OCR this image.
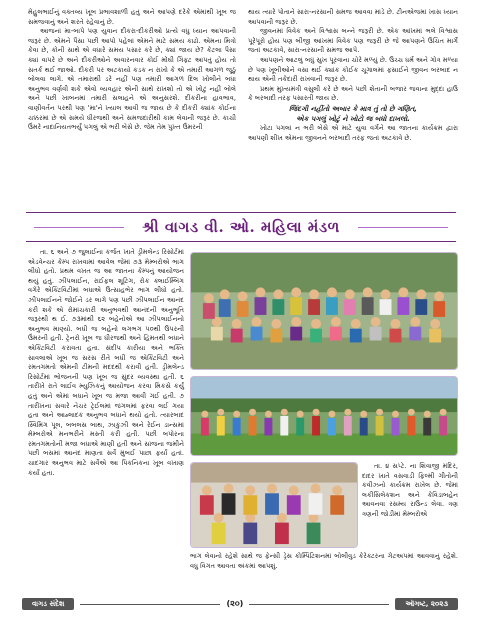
મેહુલભાઈનું વક્તવ્ય ખૂબ પ્રભાવશાળી હતું અને આપણે દરેકે એમાંથી ખૂબ જ સમજવાનું અને શરતે રહેવાનું છે.

આજનાં મા-બાપે પણ યુવાન દીકરા-દીકરીઓ પ્રત્યે વધુ ધ્યાન આપવાની જરૂર છે. એમને પૈસા પછી આપો પહેલાં એમને માટે સમય કાઢો. એમના મિત્રો કેવા છે, કોની સાથે એ વધારે સમય પસાર કરે છે, ક્યાં જાય છે? કેટલા પૈસા ક્યાં વાપરે છે અને દીકરીઓને અવારનવાર કોઈ મોંઘી ગિફ્ટ આપતું હોય તો સતર્ક થઈ જાઓ. દીકરી પર અટકાયો કડક ન રાખો કે એ તમારી આગળ જૂઠું બોલવા લાગે. એ તમારાથી ડરે નહીં પણ તમારી આગળ દિલ ખોલીને બધા અનુભવ વર્ણવી શકે એવો વ્યવહાર એની સાથે રાખશો તો એ ખોટું નહીં બોલે અને પછી ખાબનમાં તમારી સલાહને એ અનુસરશે. દીકરીના હાવભાવ, વાણીવર્તન પરથી પણ 'મા'ને ખ્યાલ આવી જ જાય છે કે દીકરી ક્યાંક કોઈના ચક્કરમાં છે એ સમયે ધીરજથી અને સમજદારીથી કામ લેવાની જરૂર છે. કાચી ઉંમરે નાદાનિયતભર્યું પગલું એ ભરી બેસે છે. જેમ તેમ પુખ્ત ઉંમરની

થાય ત્યારે પોતાને સારા-નરસાની સમજ આવવા માંડે છે. ટીનએજમાં ખાસ ધ્યાન આપવાની જરૂર છે.

જીવનમાં વિવેક અને વિશ્વાસ બન્ને જરૂરી છે. એક આંખમાં ભલે વિશ્વાસ પૂરેપૂરો હોય પણ બીજી આંખમાં વિવેક પણ જરૂરી છે જે આપણને ઉચિત માર્ગે જતાં અટકાવે, સારા-નરસાની સમજ આપે.

આપણને આટલું બધું સુખ પૂરવાના ચોરે મળ્યું છે. ઉચ્ચ ધર્મ અને ગોત્ર મળ્યા છે પણ ખૂબીઓને વસા થઈ ક્યાંક કોઈક ચૂગાલમાં ફસાઈને જીવન બરબાદ ન થાય એની તકેદારી રાખવાની જરૂર છે.

પ્રથમ મુખ્યમંત્રી વસુલી કરે છે અને પછી શેતાની બજાર જવાના મુદ્દા હાઉ કે બરબાદી તરફ પસારતી જાય છે.

જિંદગી નહીંતો અબાર કે માત્ર તું તો છે ગણિત,

એક પગલું ખોટું ને ખોટો જ બધો દાખલો.

ખોટા પગલાં ન ભરી બેસે એ માટે યુવા વર્ગને આ જાતના કાર્યક્રમ દ્વારા આપણી શીખ એમના જીવનને બરબાદી તરફ જતાં અટકાવે છે.

શ્રી વાગડ વી. ઓ. મહિલા મંડળ

તા. ૬ અને ૭ જુલાઈના કર્જત ખાતે ડ્રીમલેન્ડ રિસોર્ટમાં એડવેન્ચર કેમ્પ રાખવામાં આવેલ જેમાં ૭૩ મેમ્બરોએ ભાગ લીધો હતો. પ્રથમ વખત જ આ જાતના કેમ્પનું આયોજન થયું હતું. ઝીપલાઈન, રાઈફલ શૂટિંગ, રોક ક્લાઈમ્બિંગ વગેરે એક્ટિવિટીમાં બધાએ ઉત્સાહભેર ભાગ લીધો હતો. ઝીપલાઈનને જોઈને ડર લાગે પણ પછી ઝીપલાઈન આનંદ કરી શકે એ રોમાંચકારી અનુભવથી આનંદની અનુભૂતિ જરૂરથી થ ઈ. ૭૩માંથી ૬૨ બહેનોએ આ ઝીપલાઈનનો અનુભવ માણ્યો. બધી જ બહેનો લગભગ ૫૦થી ઉપરની ઉંમરની હતી. ટ્રેનરો ખૂબ જ ધીરજથી અને હિંમતથી બધાને એક્ટિવિટી કરાવતા હતા. સંદીપ કારીયા અને ભક્તિ સાવલાએ ખૂબ જ સરસ રીતે બધી જ એક્ટિવિટી અને રમતગમતો એમની ટીમની મદદથી કરાવી હતી. ડ્રીમલેન્ડ રિસોર્ટમાં ભોજનની પણ ખૂબ જ સુંદર વ્યવસ્થા હતી. ૬ તારીખે રાતે લાઈવ મ્યુઝિકનું આયોજન કરવા મિકસે કર્યું હતું અને એમાં બધાને ખૂબ જ મજા આવી ગઈ હતી. ૭ તારીખના સવારે નેચર ટ્રેઈલમાં જંગલમાં ફરવા લઈ ગયા હતા અને આહ્લાદક અનુભવ બધાને થયો હતો. ત્યારબાદ સ્વિમિંગ પૂલ, બબલસ બાથ, ઝાકુઝી અને રેઈન ડાન્સમાં મેમ્બરોએ મનભરીને મસ્તી કરી હતી. પછી બપોરના રમતગમતોની મજા બધાએ માણી હતી અને સાંજના જમીને પછી બસમાં આનંદ માણતા સર્વે મુંબઈ પાછા ફર્યાં હતાં. ચાદગાર અનુભવ માટે સર્વેએ આ પિકનિકના ખૂબ વખાણ કર્યાં હતા.

તા. ૪ સપ્ટે. ના શિવાજી મંદિર, દાદર ખાતે વસવાડી ફિલ્મી ગીતોની કવીઝનો કાર્યક્રમ રાખેલ છે. જેમાં લકીસિલેકશન અને કેવિડાબહેન આવનવા રસમ્ય રાઉન્ડ લેવા. ત્રણ ત્રણની જોડીમાં મેમ્બરોએ

ભાગ લેવાનો રહેશે સાથે જ ફેન્સી ડ્રેસ કોમ્પિટિશનમાં બોલીવુડ કેરેક્ટરના ગેટઅપમાં આવવાનું રહેશે. વધુ વિગત આવતા અંકમાં આપશું.

વાગડ સંદેશ	(૨૦)	ઑગષ્ટ, ૨૦૨૩
